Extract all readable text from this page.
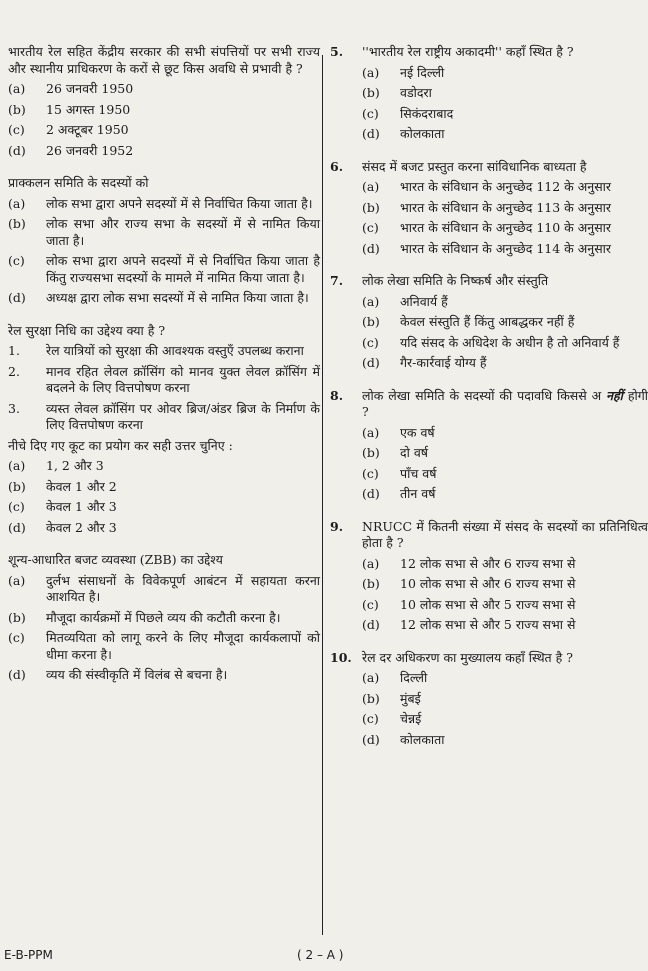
भारतीय रेल सहित केंद्रीय सरकार की सभी संपत्तियों पर सभी राज्य और स्थानीय प्राधिकरण के करों से छूट किस अवधि से प्रभावी है ?
(a)	26 जनवरी 1950
(b)	15 अगस्त 1950
(c)	2 अक्टूबर 1950
(d)	26 जनवरी 1952
प्राक्कलन समिति के सदस्यों को
(a)	लोक सभा द्वारा अपने सदस्यों में से निर्वाचित किया जाता है।
(b)	लोक सभा और राज्य सभा के सदस्यों में से नामित किया जाता है।
(c)	लोक सभा द्वारा अपने सदस्यों में से निर्वाचित किया जाता है किंतु राज्यसभा सदस्यों के मामले में नामित किया जाता है।
(d)	अध्यक्ष द्वारा लोक सभा सदस्यों में से नामित किया जाता है।
रेल सुरक्षा निधि का उद्देश्य क्या है ?
1.	रेल यात्रियों को सुरक्षा की आवश्यक वस्तुएँ उपलब्ध कराना
2.	मानव रहित लेवल क्रॉसिंग को मानव युक्त लेवल क्रॉसिंग में बदलने के लिए वित्तपोषण करना
3.	व्यस्त लेवल क्रॉसिंग पर ओवर ब्रिज/अंडर ब्रिज के निर्माण के लिए वित्तपोषण करना
नीचे दिए गए कूट का प्रयोग कर सही उत्तर चुनिए :
(a)	1, 2 और 3
(b)	केवल 1 और 2
(c)	केवल 1 और 3
(d)	केवल 2 और 3
शून्य-आधारित बजट व्यवस्था (ZBB) का उद्देश्य
(a)	दुर्लभ संसाधनों के विवेकपूर्ण आबंटन में सहायता करना आशयित है।
(b)	मौजूदा कार्यक्रमों में पिछले व्यय की कटौती करना है।
(c)	मितव्ययिता को लागू करने के लिए मौजूदा कार्यकलापों को धीमा करना है।
(d)	व्यय की संस्वीकृति में विलंब से बचना है।
5.	''भारतीय रेल राष्ट्रीय अकादमी'' कहाँ स्थित है ?
(a)	नई दिल्ली
(b)	वडोदरा
(c)	सिकंदराबाद
(d)	कोलकाता
6.	संसद में बजट प्रस्तुत करना सांविधानिक बाध्यता है
(a)	भारत के संविधान के अनुच्छेद 112 के अनुसार
(b)	भारत के संविधान के अनुच्छेद 113 के अनुसार
(c)	भारत के संविधान के अनुच्छेद 110 के अनुसार
(d)	भारत के संविधान के अनुच्छेद 114 के अनुसार
7.	लोक लेखा समिति के निष्कर्ष और संस्तुति
(a)	अनिवार्य हैं
(b)	केवल संस्तुति हैं किंतु आबद्धकर नहीं हैं
(c)	यदि संसद के अधिदेश के अधीन है तो अनिवार्य हैं
(d)	गैर-कार्रवाई योग्य हैं
8.	लोक लेखा समिति के सदस्यों की पदावधि किससे अ नहीं होगी ?
(a)	एक वर्ष
(b)	दो वर्ष
(c)	पाँच वर्ष
(d)	तीन वर्ष
9.	NRUCC में कितनी संख्या में संसद के सदस्यों का प्रतिनिधित्व होता है ?
(a)	12 लोक सभा से और 6 राज्य सभा से
(b)	10 लोक सभा से और 6 राज्य सभा से
(c)	10 लोक सभा से और 5 राज्य सभा से
(d)	12 लोक सभा से और 5 राज्य सभा से
10. रेल दर अधिकरण का मुख्यालय कहाँ स्थित है ?
(a)	दिल्ली
(b)	मुंबई
(c)	चेन्नई
(d)	कोलकाता
E-B-PPM	( 2 – A )
